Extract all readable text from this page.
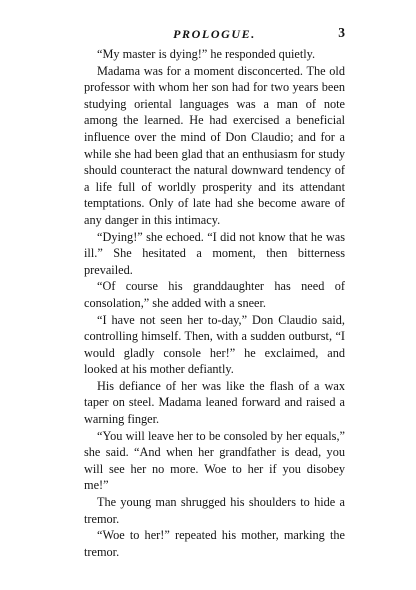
PROLOGUE.	3

“My master is dying!” he responded quietly.

Madama was for a moment disconcerted. The old professor with whom her son had for two years been studying oriental languages was a man of note among the learned. He had exercised a beneficial influence over the mind of Don Claudio; and for a while she had been glad that an enthusiasm for study should counteract the natural downward tendency of a life full of worldly prosperity and its attendant temptations. Only of late had she become aware of any danger in this intimacy.

“Dying!” she echoed. “I did not know that he was ill.” She hesitated a moment, then bitterness prevailed.

“Of course his granddaughter has need of consolation,” she added with a sneer.

“I have not seen her to-day,” Don Claudio said, controlling himself. Then, with a sudden outburst, “I would gladly console her!” he exclaimed, and looked at his mother defiantly.

His defiance of her was like the flash of a wax taper on steel. Madama leaned forward and raised a warning finger.

“You will leave her to be consoled by her equals,” she said. “And when her grandfather is dead, you will see her no more. Woe to her if you disobey me!”

The young man shrugged his shoulders to hide a tremor.

“Woe to her!” repeated his mother, marking the tremor.
